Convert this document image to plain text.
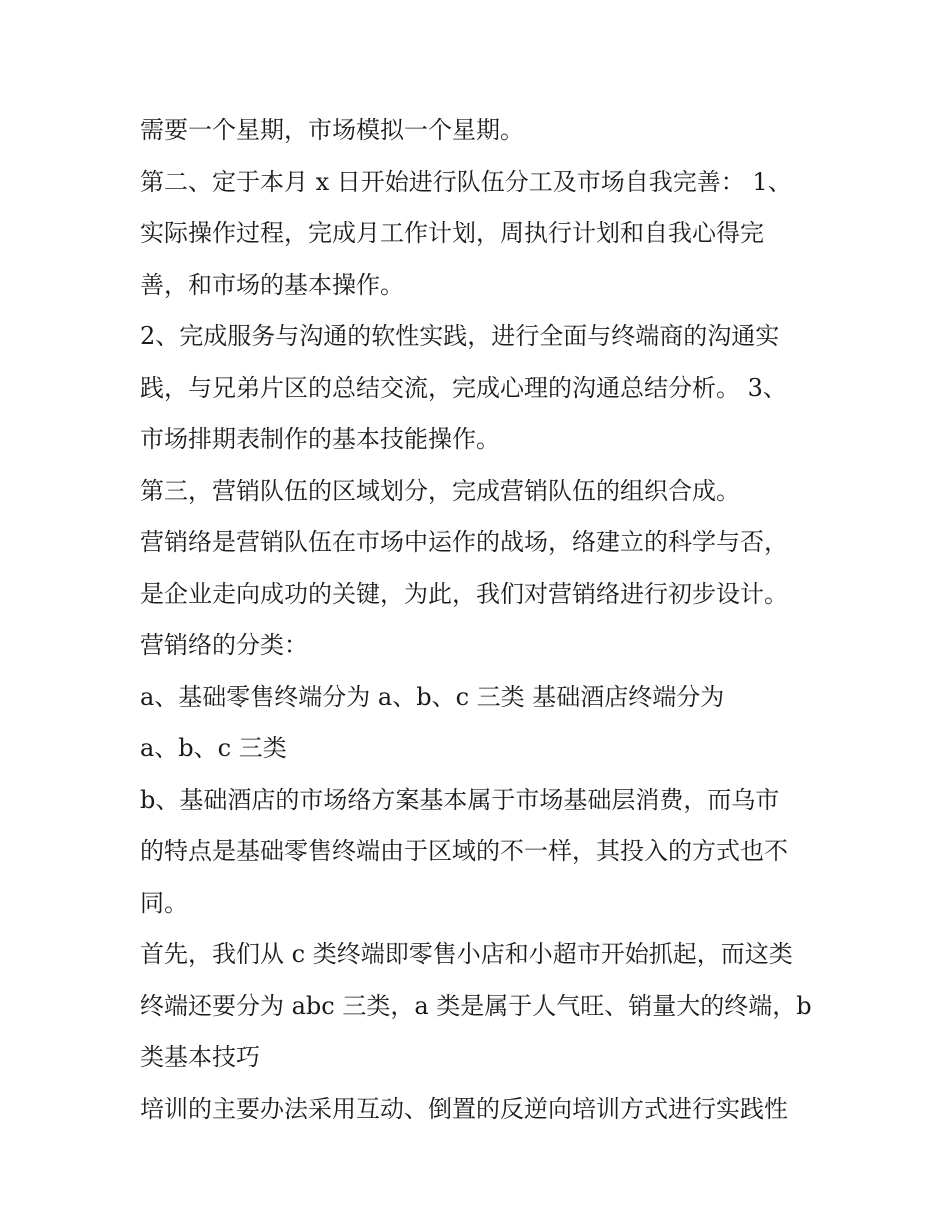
需要一个星期，市场模拟一个星期。
第二、定于本月 x 日开始进行队伍分工及市场自我完善： 1、
实际操作过程，完成月工作计划，周执行计划和自我心得完
善，和市场的基本操作。
2、完成服务与沟通的软性实践，进行全面与终端商的沟通实
践，与兄弟片区的总结交流，完成心理的沟通总结分析。 3、
市场排期表制作的基本技能操作。
第三，营销队伍的区域划分，完成营销队伍的组织合成。
营销络是营销队伍在市场中运作的战场，络建立的科学与否，
是企业走向成功的关键，为此，我们对营销络进行初步设计。
营销络的分类：
a、基础零售终端分为 a、b、c 三类 基础酒店终端分为
a、b、c 三类
b、基础酒店的市场络方案基本属于市场基础层消费，而乌市
的特点是基础零售终端由于区域的不一样，其投入的方式也不
同。
首先，我们从 c 类终端即零售小店和小超市开始抓起，而这类
终端还要分为 abc 三类，a 类是属于人气旺、销量大的终端，b
类基本技巧
培训的主要办法采用互动、倒置的反逆向培训方式进行实践性
